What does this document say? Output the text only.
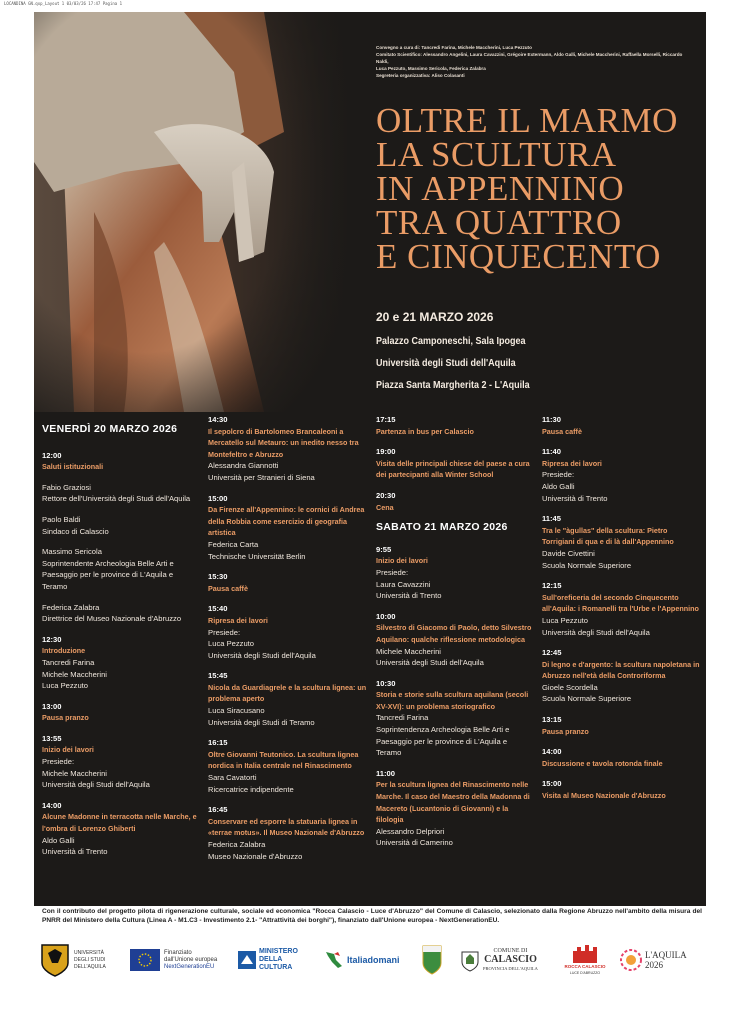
LOCANDINA GN.qxp_Layout 1 03/03/26 17:47 Pagina 1
Convegno a cura di: Tancredi Farina, Michele Maccherini, Luca Pezzuto
Comitato Scientifico: Alessandro Angelini, Laura Cavazzini, Grégoire Extermann, Aldo Galli, Michele Maccherini, Raffaella Morselli, Riccardo Naldi,
Luca Pezzuto, Massimo Sericola, Federica Zalabra
Segreteria organizzativa: Aliso Colasanti
OLTRE IL MARMO
LA SCULTURA
IN APPENNINO
TRA QUATTRO
E CINQUECENTO
20 e 21 MARZO 2026
Palazzo Camponeschi, Sala Ipogea
Università degli Studi dell'Aquila
Piazza Santa Margherita 2 - L'Aquila
VENERDÌ 20 MARZO 2026
12:00
Saluti istituzionali
Fabio Graziosi
Rettore dell'Università degli Studi dell'Aquila
Paolo Baldi
Sindaco di Calascio
Massimo Sericola
Soprintendente Archeologia Belle Arti e
Paesaggio per le province di L'Aquila e
Teramo
Federica Zalabra
Direttrice del Museo Nazionale d'Abruzzo
12:30
Introduzione
Tancredi Farina
Michele Maccherini
Luca Pezzuto
13:00
Pausa pranzo
13:55
Inizio dei lavori
Presiede:
Michele Maccherini
Università degli Studi dell'Aquila
14:00
Alcune Madonne in terracotta nelle Marche, e l'ombra di Lorenzo Ghiberti
Aldo Galli
Università di Trento
14:30
Il sepolcro di Bartolomeo Brancaleoni a Mercatello sul Metauro: un inedito nesso tra Montefeltro e Abruzzo
Alessandra Giannotti
Università per Stranieri di Siena
15:00
Da Firenze all'Appennino: le cornici di Andrea della Robbia come esercizio di geografia artistica
Federica Carta
Technische Universität Berlin
15:30
Pausa caffè
15:40
Ripresa dei lavori
Presiede:
Luca Pezzuto
Università degli Studi dell'Aquila
15:45
Nicola da Guardiagrele e la scultura lignea: un problema aperto
Luca Siracusano
Università degli Studi di Teramo
16:15
Oltre Giovanni Teutonico. La scultura lignea nordica in Italia centrale nel Rinascimento
Sara Cavatorti
Ricercatrice indipendente
16:45
Conservare ed esporre la statuaria lignea in «terrae motus». Il Museo Nazionale d'Abruzzo
Federica Zalabra
Museo Nazionale d'Abruzzo
17:15
Partenza in bus per Calascio
19:00
Visita delle principali chiese del paese a cura dei partecipanti alla Winter School
20:30
Cena
SABATO 21 MARZO 2026
9:55
Inizio dei lavori
Presiede:
Laura Cavazzini
Università di Trento
10:00
Silvestro di Giacomo di Paolo, detto Silvestro Aquilano: qualche riflessione metodologica
Michele Maccherini
Università degli Studi dell'Aquila
10:30
Storia e storie sulla scultura aquilana (secoli XV-XVI): un problema storiografico
Tancredi Farina
Soprintendenza Archeologia Belle Arti e
Paesaggio per le province di L'Aquila e
Teramo
11:00
Per la scultura lignea del Rinascimento nelle Marche. Il caso del Maestro della Madonna di Macereto (Lucantonio di Giovanni) e la filologia
Alessandro Delpriori
Università di Camerino
11:30
Pausa caffè
11:40
Ripresa dei lavori
Presiede:
Aldo Galli
Università di Trento
11:45
Tra le "àgullas" della scultura: Pietro Torrigiani di qua e di là dall'Appennino
Davide Civettini
Scuola Normale Superiore
12:15
Sull'oreficeria del secondo Cinquecento all'Aquila: i Romanelli tra l'Urbe e l'Appennino
Luca Pezzuto
Università degli Studi dell'Aquila
12:45
Di legno e d'argento: la scultura napoletana in Abruzzo nell'età della Controriforma
Gioele Scordella
Scuola Normale Superiore
13:15
Pausa pranzo
14:00
Discussione e tavola rotonda finale
15:00
Visita al Museo Nazionale d'Abruzzo
Con il contributo del progetto pilota di rigenerazione culturale, sociale ed economica "Rocca Calascio - Luce d'Abruzzo" del Comune di Calascio, selezionato dalla Regione Abruzzo nell'ambito della misura del PNRR del Ministero della Cultura (Linea A - M1.C3 - Investimento 2.1- "Attrattività dei borghi"), finanziato dall'Unione europea - NextGenerationEU.
UNIVERSITÀ DEGLI STUDI DELL'AQUILA
Finanziato
dall'Unione europea
NextGenerationEU
MINISTERO
DELLA
CULTURA
Italiadomani
COMUNE DI
CALASCIO
PROVINCIA DELL'AQUILA	ROCCA CALASCIO
LUCE D'ABRUZZO
L'AQUILA
2026
